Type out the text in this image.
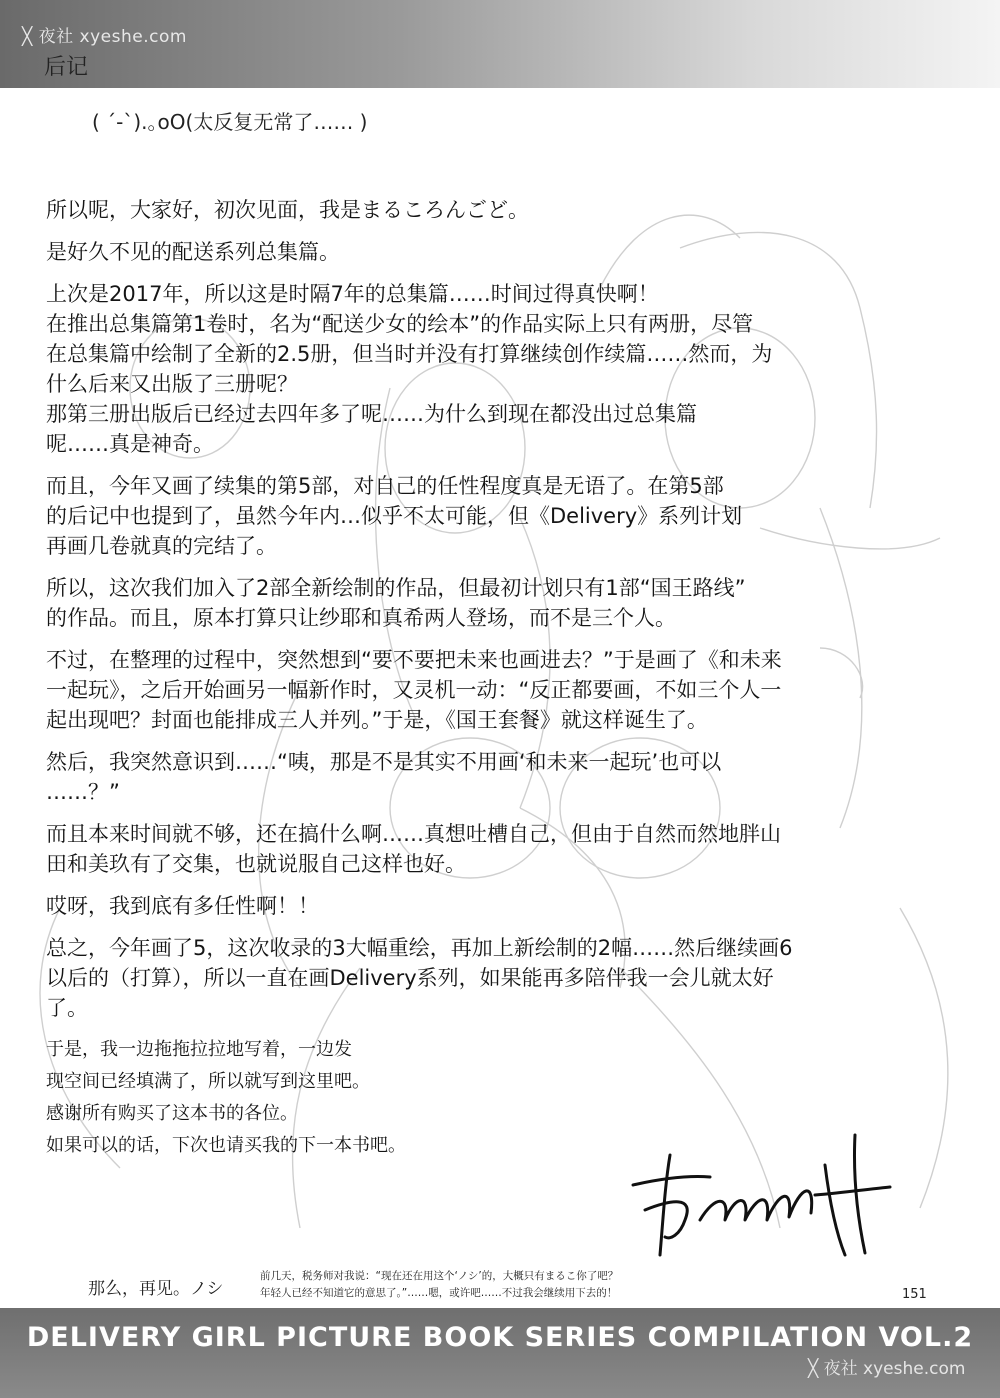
╳ 夜社 xyeshe.com
后记
( ´-`).｡oO(太反复无常了…… )

所以呢，大家好，初次见面，我是まるころんごど。

是好久不见的配送系列总集篇。

上次是2017年，所以这是时隔7年的总集篇……时间过得真快啊！
在推出总集篇第1卷时，名为“配送少女的绘本”的作品实际上只有两册，尽管
在总集篇中绘制了全新的2.5册，但当时并没有打算继续创作续篇……然而，为
什么后来又出版了三册呢？
那第三册出版后已经过去四年多了呢……为什么到现在都没出过总集篇
呢……真是神奇。

而且，今年又画了续集的第5部，对自己的任性程度真是无语了。在第5部
的后记中也提到了，虽然今年内…似乎不太可能，但《Delivery》系列计划
再画几卷就真的完结了。

所以，这次我们加入了2部全新绘制的作品，但最初计划只有1部“国王路线”
的作品。而且，原本打算只让纱耶和真希两人登场，而不是三个人。

不过，在整理的过程中，突然想到“要不要把未来也画进去？”于是画了《和未来
一起玩》，之后开始画另一幅新作时，又灵机一动：“反正都要画，不如三个人一
起出现吧？封面也能排成三人并列。”于是，《国王套餐》就这样诞生了。

然后，我突然意识到……“咦，那是不是其实不用画‘和未来一起玩’也可以
……？”

而且本来时间就不够，还在搞什么啊……真想吐槽自己，但由于自然而然地胖山
田和美玖有了交集，也就说服自己这样也好。

哎呀，我到底有多任性啊！！

总之，今年画了5，这次收录的3大幅重绘，再加上新绘制的2幅……然后继续画6
以后的（打算），所以一直在画Delivery系列，如果能再多陪伴我一会儿就太好
了。

于是，我一边拖拖拉拉地写着，一边发

现空间已经填满了，所以就写到这里吧。

感谢所有购买了这本书的各位。

如果可以的话，下次也请买我的下一本书吧。

那么，再见。ノシ
前几天，税务师对我说：“现在还在用这个‘ノシ’的，大概只有まるこ你了吧？
年轻人已经不知道它的意思了。”……嗯，或许吧……不过我会继续用下去的！	151
DELIVERY GIRL PICTURE BOOK SERIES COMPILATION VOL.2
╳ 夜社 xyeshe.com
